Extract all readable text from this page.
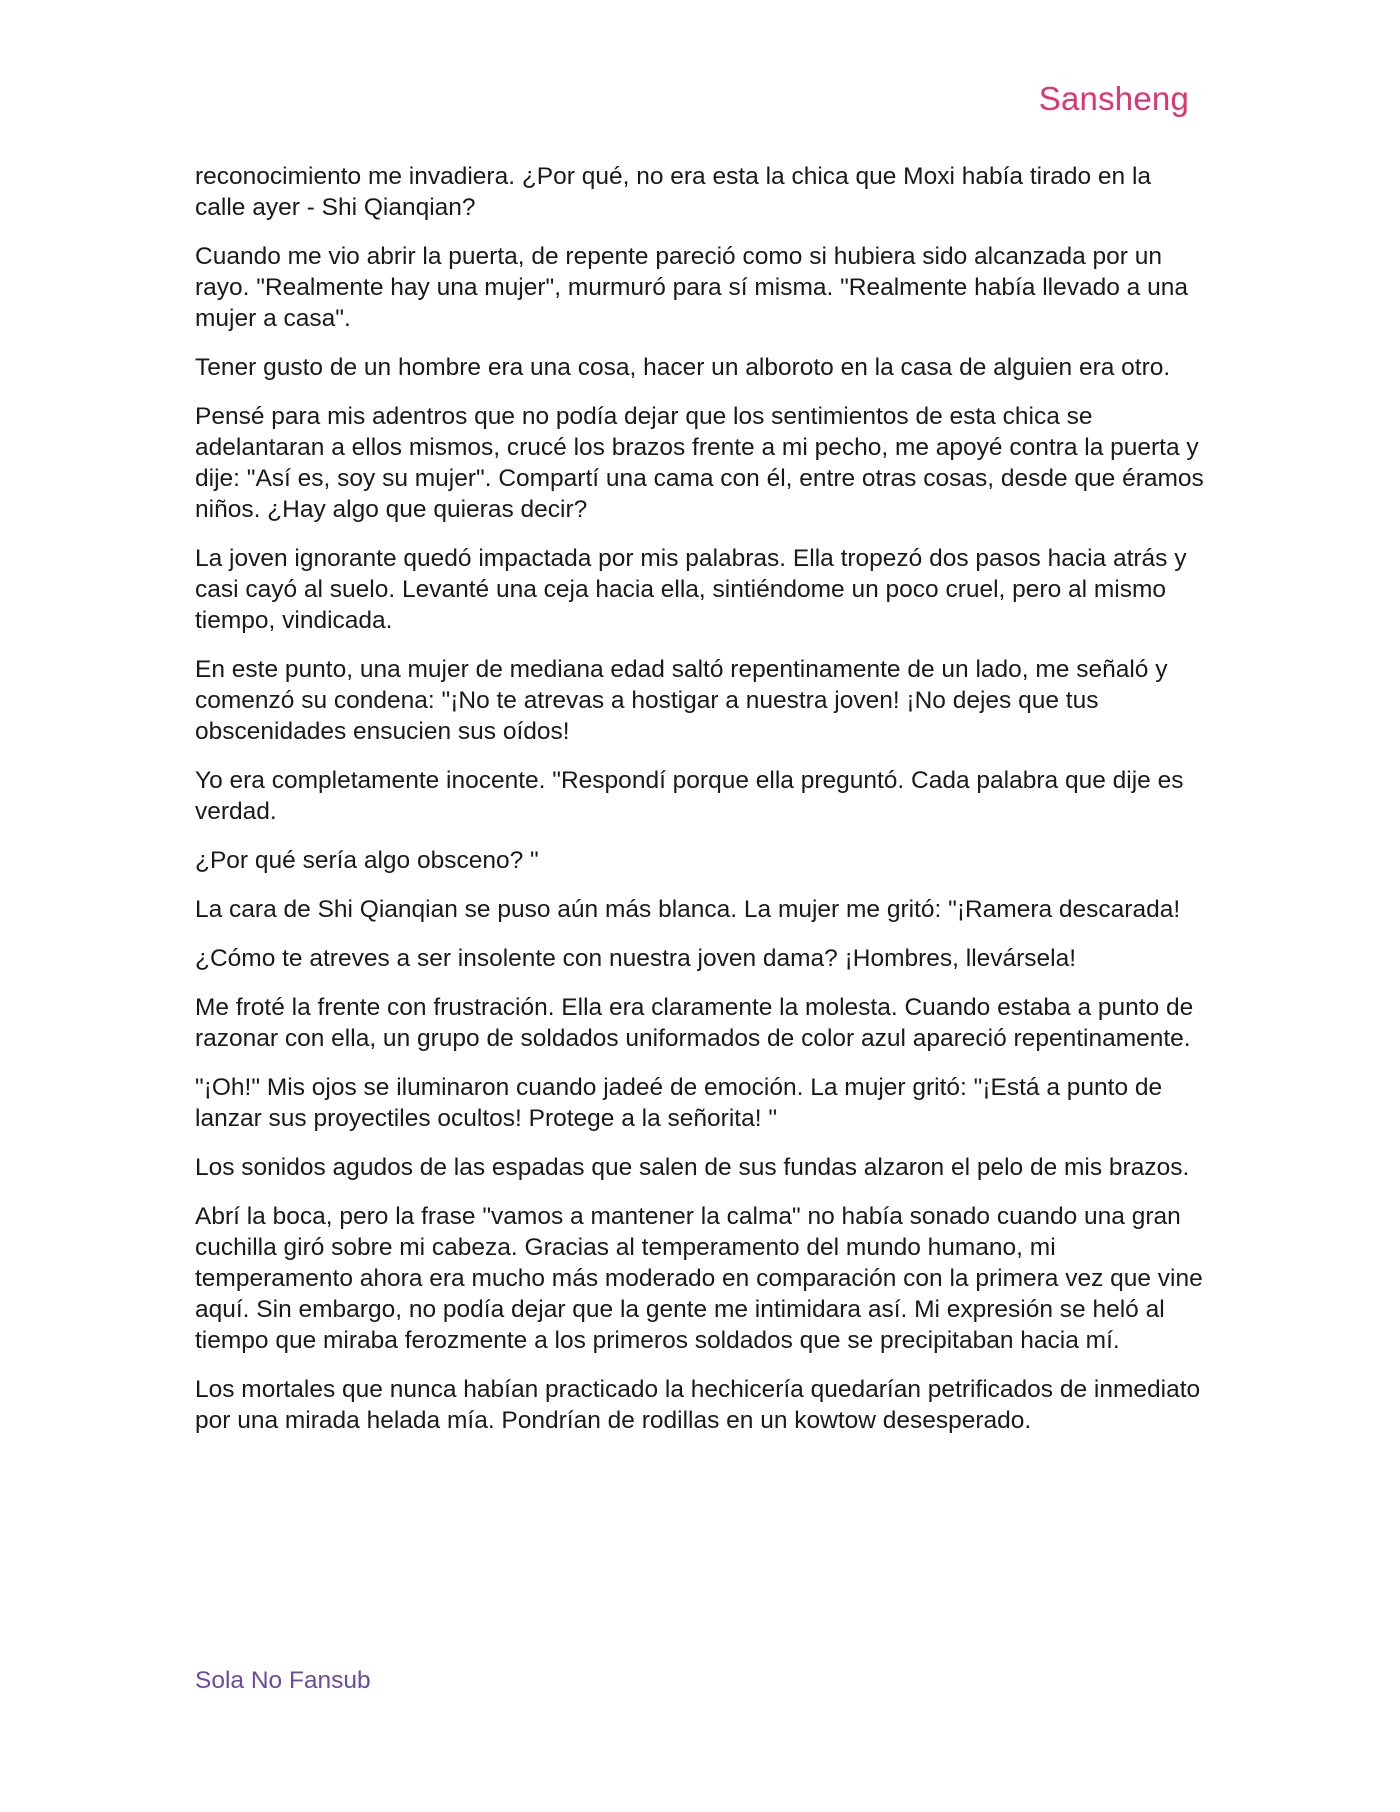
Sansheng

reconocimiento me invadiera. ¿Por qué, no era esta la chica que Moxi había tirado en la calle ayer - Shi Qianqian?

Cuando me vio abrir la puerta, de repente pareció como si hubiera sido alcanzada por un rayo. "Realmente hay una mujer", murmuró para sí misma. "Realmente había llevado a una mujer a casa".

Tener gusto de un hombre era una cosa, hacer un alboroto en la casa de alguien era otro.

Pensé para mis adentros que no podía dejar que los sentimientos de esta chica se adelantaran a ellos mismos, crucé los brazos frente a mi pecho, me apoyé contra la puerta y dije: "Así es, soy su mujer". Compartí una cama con él, entre otras cosas, desde que éramos niños. ¿Hay algo que quieras decir?

La joven ignorante quedó impactada por mis palabras. Ella tropezó dos pasos hacia atrás y casi cayó al suelo. Levanté una ceja hacia ella, sintiéndome un poco cruel, pero al mismo tiempo, vindicada.

En este punto, una mujer de mediana edad saltó repentinamente de un lado, me señaló y comenzó su condena: "¡No te atrevas a hostigar a nuestra joven! ¡No dejes que tus obscenidades ensucien sus oídos!

Yo era completamente inocente. "Respondí porque ella preguntó. Cada palabra que dije es verdad.

¿Por qué sería algo obsceno? "

La cara de Shi Qianqian se puso aún más blanca. La mujer me gritó: "¡Ramera descarada!

¿Cómo te atreves a ser insolente con nuestra joven dama? ¡Hombres, llevársela!

Me froté la frente con frustración. Ella era claramente la molesta. Cuando estaba a punto de razonar con ella, un grupo de soldados uniformados de color azul apareció repentinamente.

"¡Oh!" Mis ojos se iluminaron cuando jadeé de emoción. La mujer gritó: "¡Está a punto de lanzar sus proyectiles ocultos! Protege a la señorita! "

Los sonidos agudos de las espadas que salen de sus fundas alzaron el pelo de mis brazos.

Abrí la boca, pero la frase "vamos a mantener la calma" no había sonado cuando una gran cuchilla giró sobre mi cabeza. Gracias al temperamento del mundo humano, mi temperamento ahora era mucho más moderado en comparación con la primera vez que vine aquí. Sin embargo, no podía dejar que la gente me intimidara así. Mi expresión se heló al tiempo que miraba ferozmente a los primeros soldados que se precipitaban hacia mí.

Los mortales que nunca habían practicado la hechicería quedarían petrificados de inmediato por una mirada helada mía. Pondrían de rodillas en un kowtow desesperado.

Sola No Fansub
